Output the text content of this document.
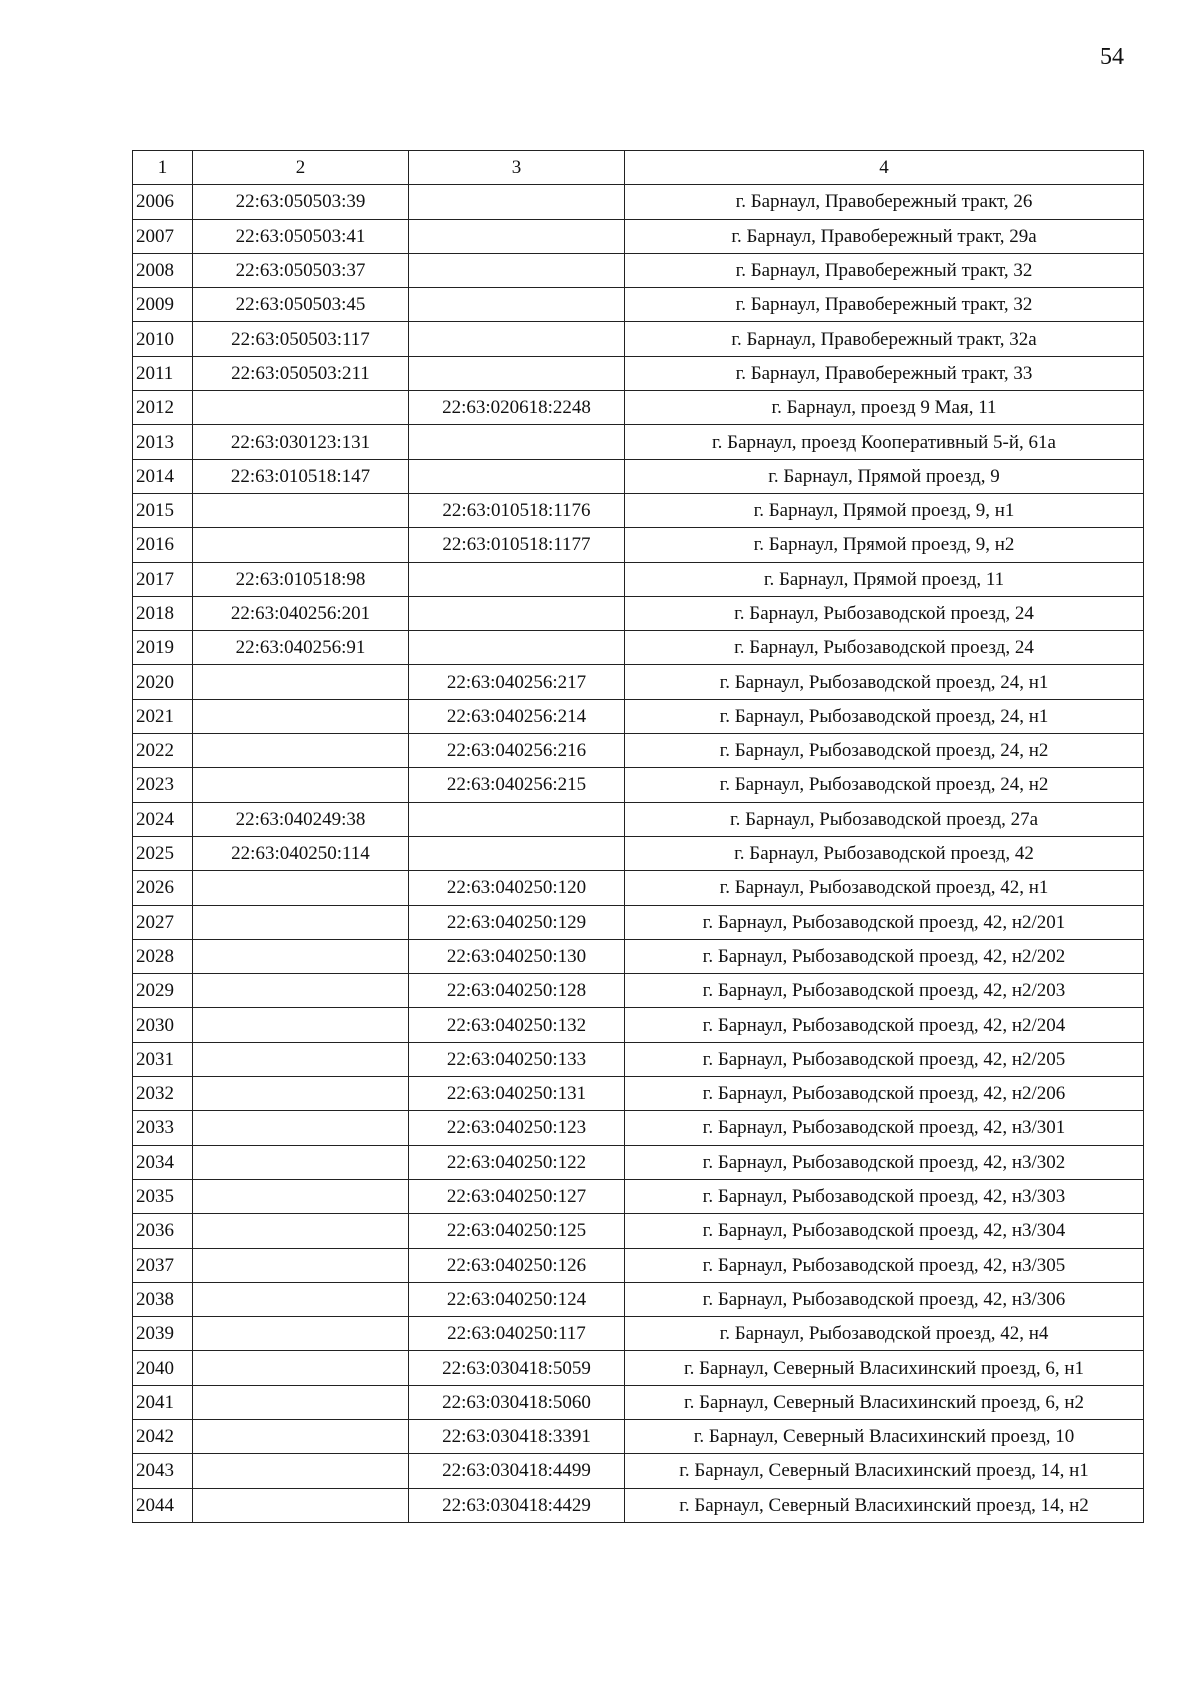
54
1	2	3	4
2006	22:63:050503:39		г. Барнаул, Правобережный тракт, 26
2007	22:63:050503:41		г. Барнаул, Правобережный тракт, 29а
2008	22:63:050503:37		г. Барнаул, Правобережный тракт, 32
2009	22:63:050503:45		г. Барнаул, Правобережный тракт, 32
2010	22:63:050503:117		г. Барнаул, Правобережный тракт, 32а
2011	22:63:050503:211		г. Барнаул, Правобережный тракт, 33
2012		22:63:020618:2248	г. Барнаул, проезд 9 Мая, 11
2013	22:63:030123:131		г. Барнаул, проезд Кооперативный 5-й, 61а
2014	22:63:010518:147		г. Барнаул, Прямой проезд, 9
2015		22:63:010518:1176	г. Барнаул, Прямой проезд, 9, н1
2016		22:63:010518:1177	г. Барнаул, Прямой проезд, 9, н2
2017	22:63:010518:98		г. Барнаул, Прямой проезд, 11
2018	22:63:040256:201		г. Барнаул, Рыбозаводской проезд, 24
2019	22:63:040256:91		г. Барнаул, Рыбозаводской проезд, 24
2020		22:63:040256:217	г. Барнаул, Рыбозаводской проезд, 24, н1
2021		22:63:040256:214	г. Барнаул, Рыбозаводской проезд, 24, н1
2022		22:63:040256:216	г. Барнаул, Рыбозаводской проезд, 24, н2
2023		22:63:040256:215	г. Барнаул, Рыбозаводской проезд, 24, н2
2024	22:63:040249:38		г. Барнаул, Рыбозаводской проезд, 27а
2025	22:63:040250:114		г. Барнаул, Рыбозаводской проезд, 42
2026		22:63:040250:120	г. Барнаул, Рыбозаводской проезд, 42, н1
2027		22:63:040250:129	г. Барнаул, Рыбозаводской проезд, 42, н2/201
2028		22:63:040250:130	г. Барнаул, Рыбозаводской проезд, 42, н2/202
2029		22:63:040250:128	г. Барнаул, Рыбозаводской проезд, 42, н2/203
2030		22:63:040250:132	г. Барнаул, Рыбозаводской проезд, 42, н2/204
2031		22:63:040250:133	г. Барнаул, Рыбозаводской проезд, 42, н2/205
2032		22:63:040250:131	г. Барнаул, Рыбозаводской проезд, 42, н2/206
2033		22:63:040250:123	г. Барнаул, Рыбозаводской проезд, 42, н3/301
2034		22:63:040250:122	г. Барнаул, Рыбозаводской проезд, 42, н3/302
2035		22:63:040250:127	г. Барнаул, Рыбозаводской проезд, 42, н3/303
2036		22:63:040250:125	г. Барнаул, Рыбозаводской проезд, 42, н3/304
2037		22:63:040250:126	г. Барнаул, Рыбозаводской проезд, 42, н3/305
2038		22:63:040250:124	г. Барнаул, Рыбозаводской проезд, 42, н3/306
2039		22:63:040250:117	г. Барнаул, Рыбозаводской проезд, 42, н4
2040		22:63:030418:5059	г. Барнаул, Северный Власихинский проезд, 6, н1
2041		22:63:030418:5060	г. Барнаул, Северный Власихинский проезд, 6, н2
2042		22:63:030418:3391	г. Барнаул, Северный Власихинский проезд, 10
2043		22:63:030418:4499	г. Барнаул, Северный Власихинский проезд, 14, н1
2044		22:63:030418:4429	г. Барнаул, Северный Власихинский проезд, 14, н2
